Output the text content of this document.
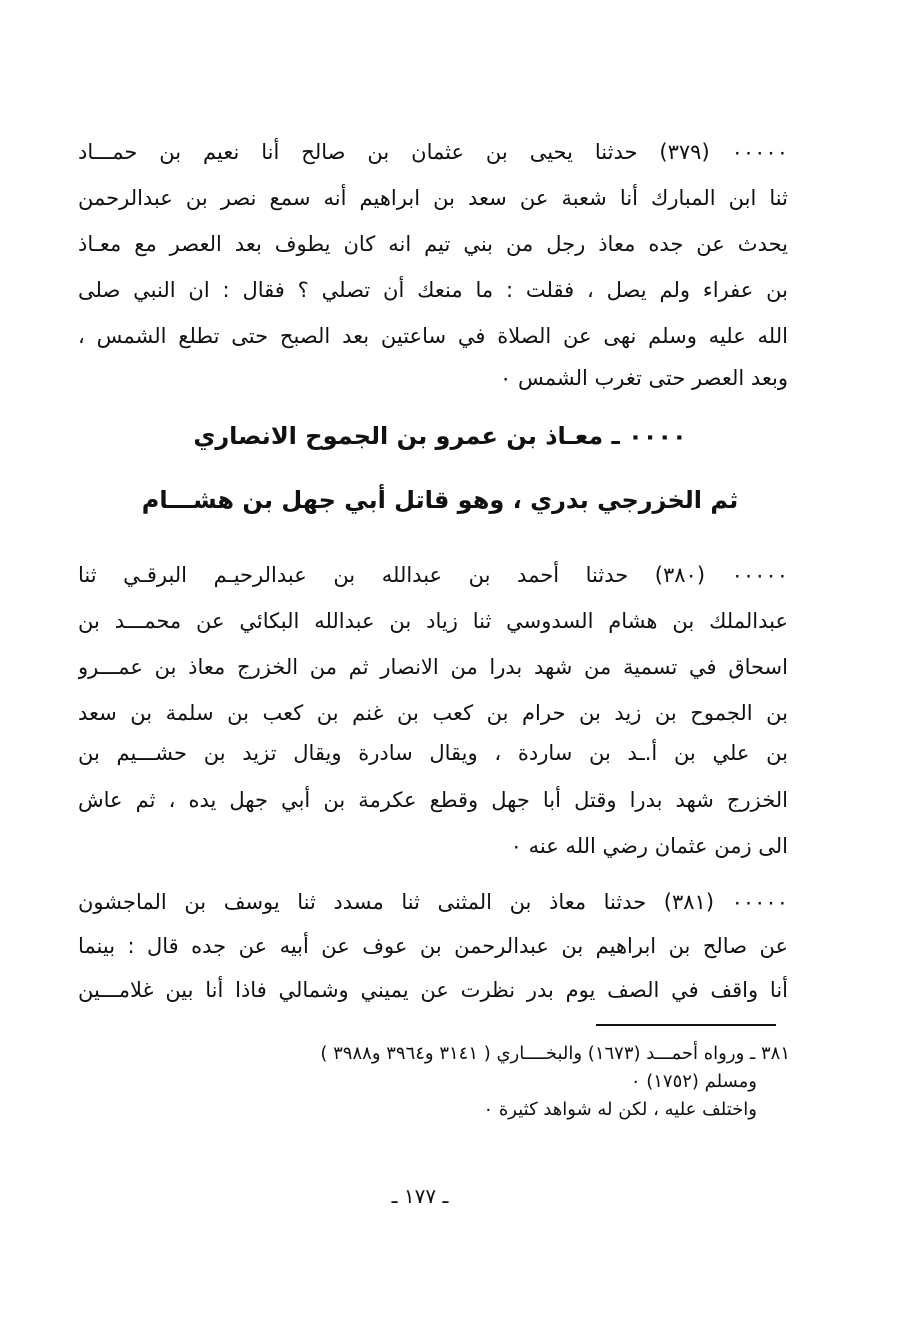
٠٠٠٠٠ (٣٧٩) حدثنا يحيى بن عثمان بن صالح أنا نعيم بن حمـــاد
ثنا ابن المبارك أنا شعبة عن سعد بن ابراهيم أنه سمع نصر بن عبدالرحمن
يحدث عن جده معاذ رجل من بني تيم انه كان يطوف بعد العصر مع معـاذ
بن عفراء ولم يصل ، فقلت : ما منعك أن تصلي ؟ فقال : ان النبي صلى
الله عليه وسلم نهى عن الصلاة في ساعتين بعد الصبح حتى تطلع الشمس ،
وبعد العصر حتى تغرب الشمس ٠
٠٠٠٠ ـ معـاذ بن عمرو بن الجموح الانصاري
ثم الخزرجي بدري ، وهو قاتل أبي جهل بن هشـــام
٠٠٠٠٠ (٣٨٠) حدثنا أحمد بن عبدالله بن عبدالرحيـم البرقـي ثنا
عبدالملك بن هشام السدوسي ثنا زياد بن عبدالله البكائي عن محمـــد بن
اسحاق في تسمية من شهد بدرا من الانصار ثم من الخزرج معاذ بن عمـــرو
بن الجموح بن زيد بن حرام بن كعب بن غنم بن كعب بن سلمة بن سعد
بن علي بن أ.ـد بن ساردة ، ويقال سادرة ويقال تزيد بن حشـــيم بن
الخزرج شهد بدرا وقتل أبا جهل وقطع عكرمة بن أبي جهل يده ، ثم عاش
الى زمن عثمان رضي الله عنه ٠
٠٠٠٠٠ (٣٨١) حدثنا معاذ بن المثنى ثنا مسدد ثنا يوسف بن الماجشون
عن صالح بن ابراهيم بن عبدالرحمن بن عوف عن أبيه عن جده قال : بينما
أنا واقف في الصف يوم بدر نظرت عن يميني وشمالي فاذا أنا بين غلامـــين
٣٨١ ـ ورواه أحمـــد (١٦٧٣) والبخــــاري ( ٣١٤١ و٣٩٦٤ و٣٩٨٨ )
ومسلم (١٧٥٢) ٠
واختلف عليه ، لكن له شواهد كثيرة ٠
ـ ١٧٧ ـ
